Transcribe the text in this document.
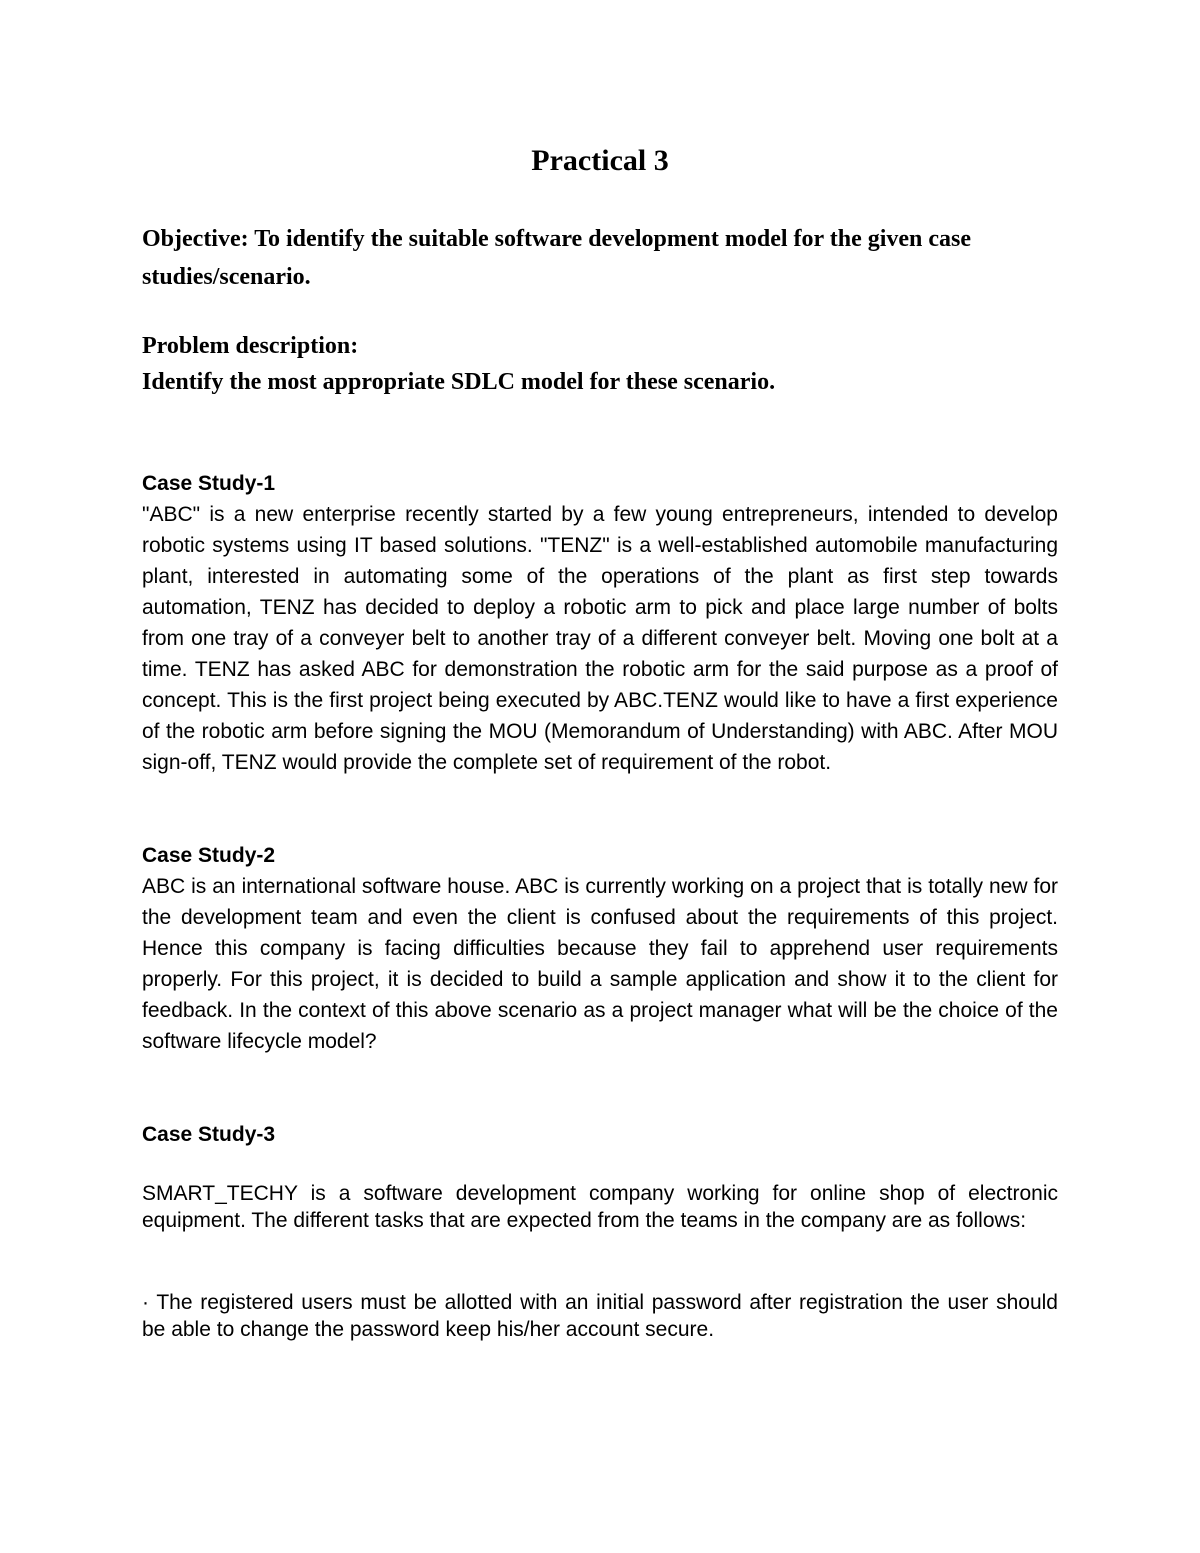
Practical 3

Objective: To identify the suitable software development model for the given case studies/scenario.

Problem description:

Identify the most appropriate SDLC model for these scenario.

Case Study-1

"ABC" is a new enterprise recently started by a few young entrepreneurs, intended to develop robotic systems using IT based solutions. "TENZ" is a well-established automobile manufacturing plant, interested in automating some of the operations of the plant as first step towards automation, TENZ has decided to deploy a robotic arm to pick and place large number of bolts from one tray of a conveyer belt to another tray of a different conveyer belt. Moving one bolt at a time. TENZ has asked ABC for demonstration the robotic arm for the said purpose as a proof of concept. This is the first project being executed by ABC.TENZ would like to have a first experience of the robotic arm before signing the MOU (Memorandum of Understanding) with ABC. After MOU sign-off, TENZ would provide the complete set of requirement of the robot.

Case Study-2

ABC is an international software house. ABC is currently working on a project that is totally new for the development team and even the client is confused about the requirements of this project. Hence this company is facing difficulties because they fail to apprehend user requirements properly. For this project, it is decided to build a sample application and show it to the client for feedback. In the context of this above scenario as a project manager what will be the choice of the software lifecycle model?

Case Study-3

SMART_TECHY is a software development company working for online shop of electronic equipment. The different tasks that are expected from the teams in the company are as follows:

· The registered users must be allotted with an initial password after registration the user should be able to change the password keep his/her account secure.
